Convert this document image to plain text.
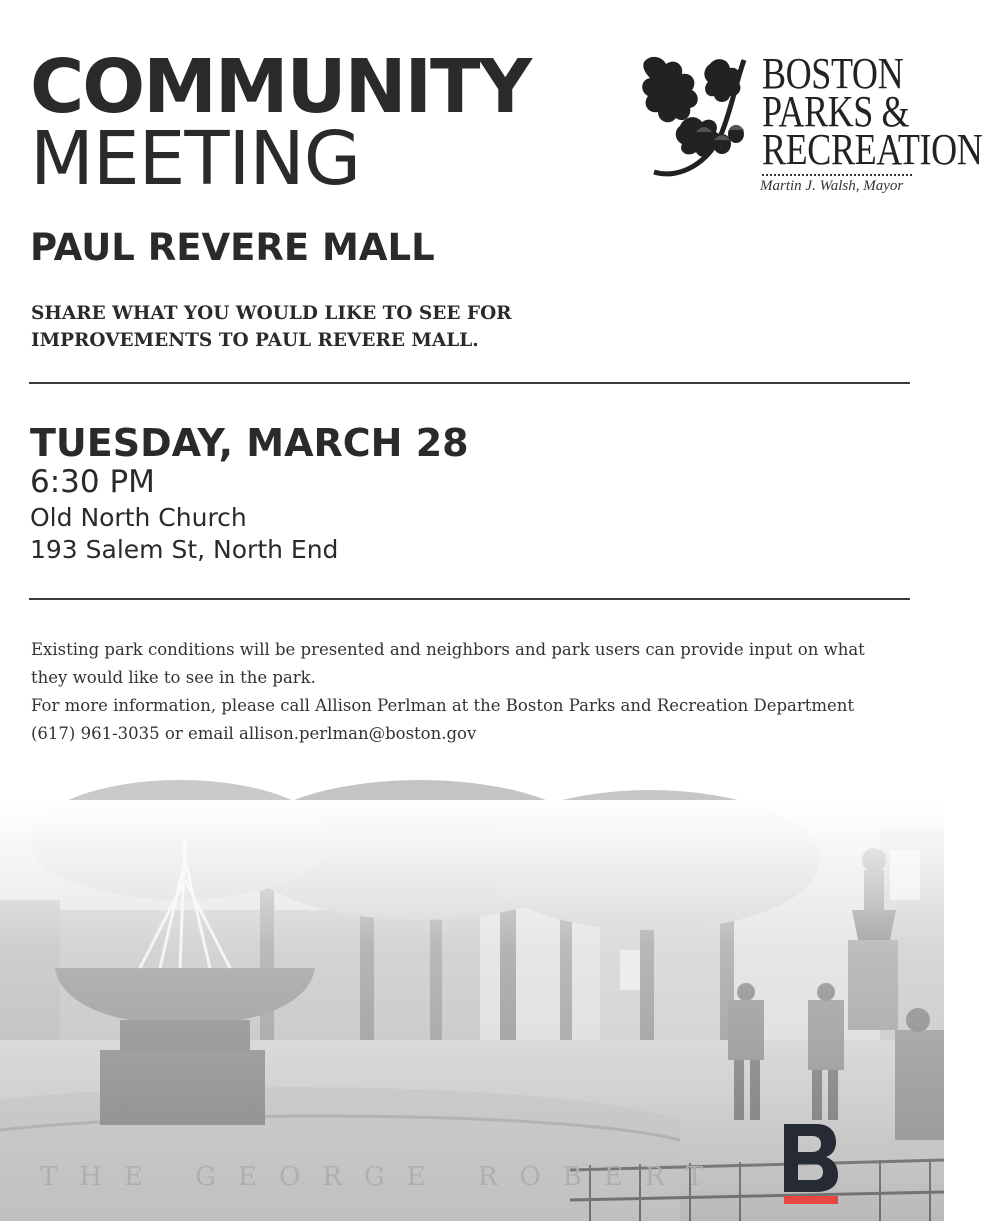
COMMUNITY
MEETING
PAUL REVERE MALL

SHARE WHAT YOU WOULD LIKE TO SEE FOR IMPROVEMENTS TO PAUL REVERE MALL.

BOSTON
PARKS &
RECREATION
Martin J. Walsh, Mayor
TUESDAY, MARCH 28
6:30 PM
Old North Church
193 Salem St, North End

Existing park conditions will be presented and neighbors and park users can provide input on what they would like to see in the park.

For more information, please call Allison Perlman at the Boston Parks and Recreation Department (617) 961-3035 or email allison.perlman@boston.gov
